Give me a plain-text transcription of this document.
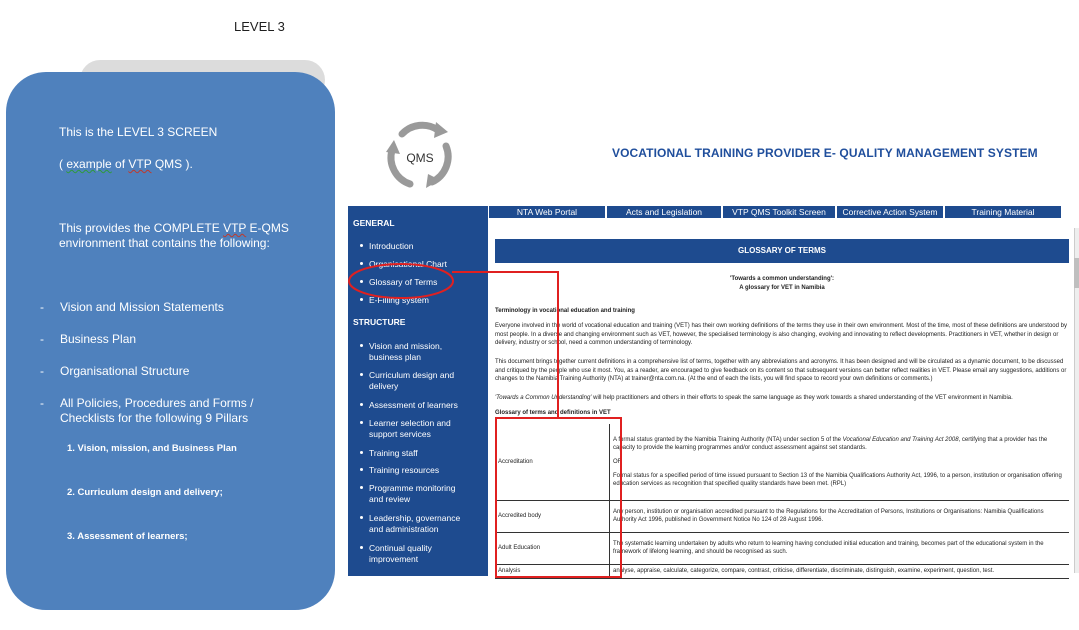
LEVEL 3

This is the LEVEL 3 SCREEN

( example of VTP QMS ).

This provides the COMPLETE VTP E-QMS environment that contains the following:

- Vision and Mission Statements

- Business Plan

- Organisational Structure

- All Policies, Procedures and Forms / Checklists for the following 9 Pillars

1. Vision, mission, and Business Plan
2. Curriculum design and delivery;
3. Assessment of learners;
QMS	VOCATIONAL TRAINING PROVIDER E- QUALITY MANAGEMENT SYSTEM
GENERAL
Introduction
Organisational Chart
Glossary of Terms
E-Filling system
STRUCTURE
Vision and mission, business plan
Curriculum design and delivery
Assessment of learners
Learner selection and support services
Training staff
Training resources
Programme monitoring and review
Leadership, governance and administration
Continual quality improvement
NTA Web Portal	Acts and Legislation	VTP QMS Toolkit Screen	Corrective Action System	Training Material
GLOSSARY OF TERMS
'Towards a common understanding':
A glossary for VET in Namibia
Terminology in vocational education and training
Everyone involved in the world of vocational education and training (VET) has their own working definitions of the terms they use in their own environment. Most of the time, most of these definitions are understood by most people. In a diverse and changing environment such as VET, however, the specialised terminology is also changing, evolving and innovating to reflect developments. Practitioners in VET, whether in design or delivery, industry or school, need a common understanding of terminology.
This document brings together current definitions in a comprehensive list of terms, together with any abbreviations and acronyms. It has been designed and will be circulated as a dynamic document, to be discussed and critiqued by the people who use it most. You, as a reader, are encouraged to give feedback on its content so that subsequent versions can better reflect realities in VET. Please email any suggestions, additions or changes to the Namibia Training Authority (NTA) at trainer@nta.com.na. (At the end of each the lists, you will find space to record your own definitions or comments.)
'Towards a Common Understanding' will help practitioners and others in their efforts to speak the same language as they work towards a shared understanding of the VET environment in Namibia.
Glossary of terms and definitions in VET
Accreditation	A formal status granted by the Namibia Training Authority (NTA) under section 5 of the Vocational Education and Training Act 2008, certifying that a provider has the capacity to provide the learning programmes and/or conduct assessment against set standards.
OR
Formal status for a specified period of time issued pursuant to Section 13 of the Namibia Qualifications Authority Act, 1996, to a person, institution or organisation offering education services as recognition that specified quality standards have been met. (RPL)

Accredited body	Any person, institution or organisation accredited pursuant to the Regulations for the Accreditation of Persons, Institutions or Organisations: Namibia Qualifications Authority Act 1996, published in Government Notice No 124 of 28 August 1996.
Adult Education	The systematic learning undertaken by adults who return to learning having concluded initial education and training, becomes part of the educational system in the framework of lifelong learning, and should be recognised as such.
Analysis	analyse, appraise, calculate, categorize, compare, contrast, criticise, differentiate, discriminate, distinguish, examine, experiment, question, test.
